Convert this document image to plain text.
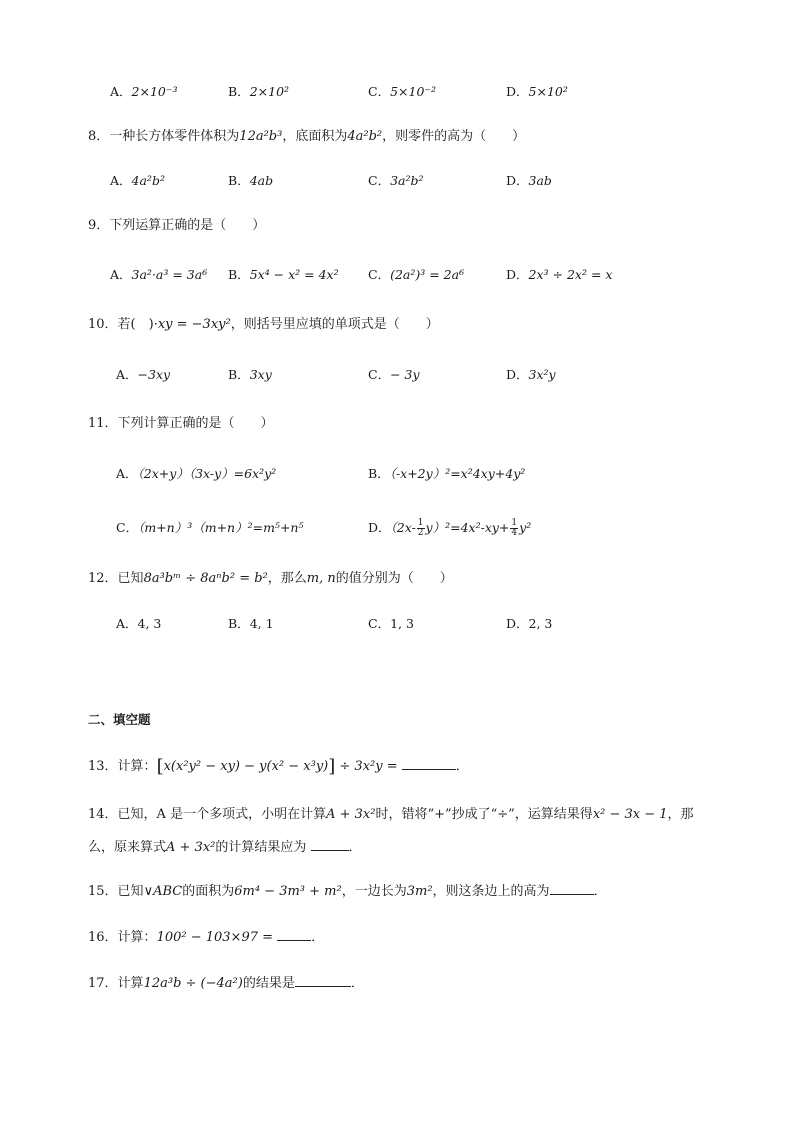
A．2×10⁻³	B．2×10²	C．5×10⁻²	D．5×10²
8．一种长方体零件体积为12a²b³，底面积为4a²b²，则零件的高为（　　）
A．4a²b²	B．4ab	C．3a²b²	D．3ab
9．下列运算正确的是（　　）
A．3a²·a³ = 3a⁶ B．5x⁴ − x² = 4x² C．(2a²)³ = 2a⁶	D．2x³ ÷ 2x² = x
10．若(　)·xy = −3xy²，则括号里应填的单项式是（　　）
A．−3xy	B．3xy	C．− 3y	D．3x²y
11．下列计算正确的是（　　）
A．（2x+y）（3x-y）=6x²y²	B．（-x+2y）²=x²4xy+4y²
C．（m+n）³（m+n）²=m⁵+n⁵	D．$(2x- \frac{1}{2} y)^2=4x^2-xy+ \frac{1}{4} y^2$
12．已知8a³bᵐ ÷ 8aⁿb² = b²，那么m, n的值分别为（　　）
A．4, 3	B．4, 1	C．1, 3	D．2, 3
二、填空题
13．计算：[x(x²y² − xy) − y(x² − x³y)] ÷ 3x²y =	．
14．已知，A 是一个多项式，小明在计算A + 3x²时，错将“+”抄成了“÷”，运算结果得x² − 3x − 1，那
么，原来算式A + 3x²的计算结果应为	．
15．已知∨ABC的面积为6m⁴ − 3m³ + m²，一边长为3m²，则这条边上的高为	．
16．计算：100² − 103×97 =	．
17．计算12a³b ÷ (−4a²)的结果是	．
